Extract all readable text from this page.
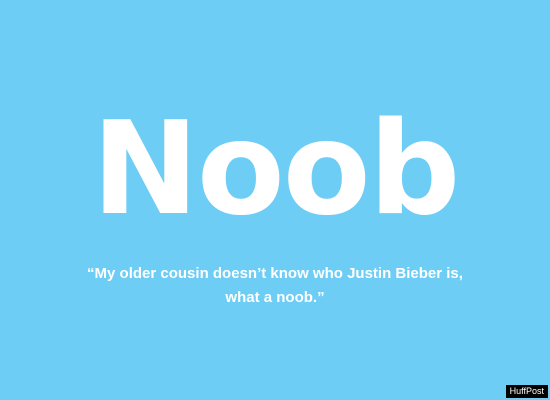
Noob
“My older cousin doesn’t know who Justin Bieber is,
what a noob.”
HuffPost
